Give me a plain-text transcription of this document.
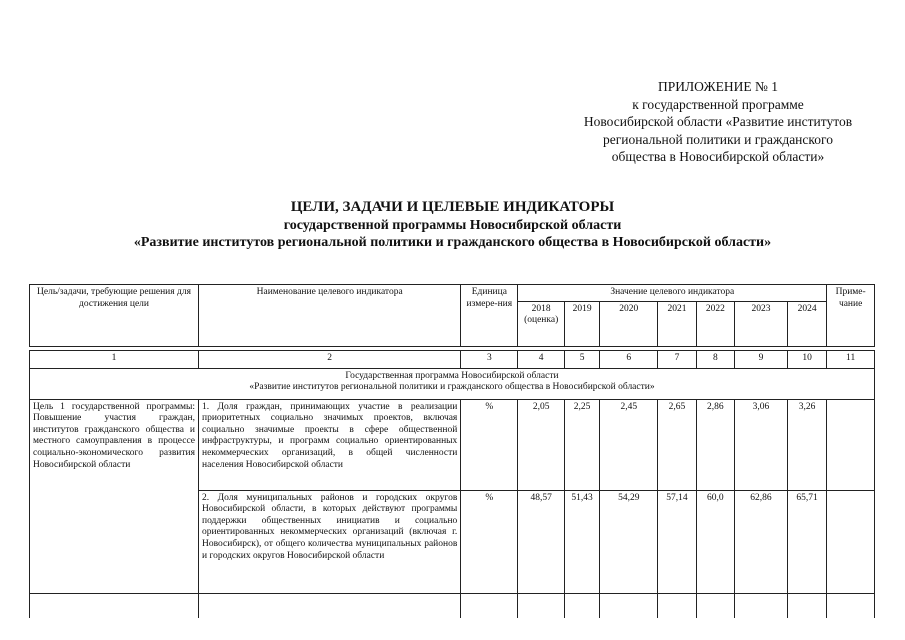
ПРИЛОЖЕНИЕ № 1
к государственной программе
Новосибирской области «Развитие институтов
региональной политики и гражданского
общества в Новосибирской области»
ЦЕЛИ, ЗАДАЧИ И ЦЕЛЕВЫЕ ИНДИКАТОРЫ
государственной программы Новосибирской области
«Развитие институтов региональной политики и гражданского общества в Новосибирской области»
Цель/задачи, требующие решения для достижения цели	Наименование целевого индикатора	Единица измере-ния	Значение целевого индикатора							Приме-чание
			2018 (оценка)	2019	2020	2021	2022	2023	2024	

1	2	3	4	5	6	7	8	9	10	11

Государственная программа Новосибирской области
«Развитие институтов региональной политики и гражданского общества в Новосибирской области»										

Цель 1 государственной программы: Повышение участия граждан, институтов гражданского общества и местного самоуправления в процессе социально-экономического развития Новосибирской области	1. Доля граждан, принимающих участие в реализации приоритетных социально значимых проектов, включая социально значимые проекты в сфере общественной инфраструктуры, и программ социально ориентированных некоммерческих организаций, в общей численности населения Новосибирской области	%	2,05	2,25	2,45	2,65	2,86	3,06	3,26	
	2. Доля муниципальных районов и городских округов Новосибирской области, в которых действуют программы поддержки общественных инициатив и социально ориентированных некоммерческих организаций (включая г. Новосибирск), от общего количества муниципальных районов и городских округов Новосибирской области	%	48,57	51,43	54,29	57,14	60,0	62,86	65,71	
